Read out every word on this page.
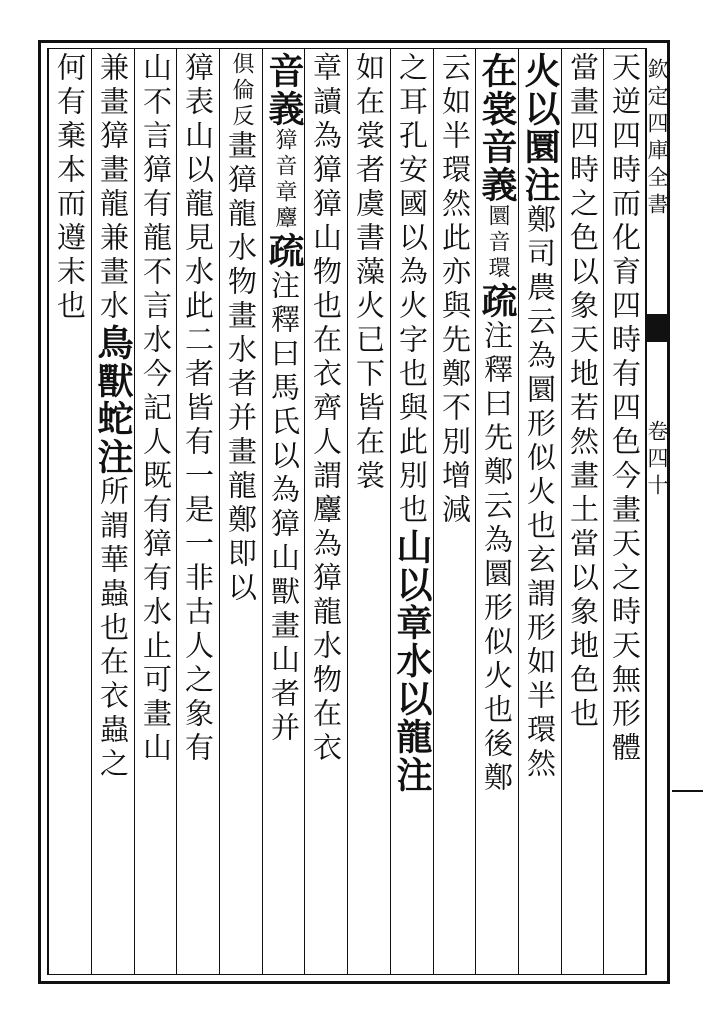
欽定四庫全書
卷四十
天逆四時而化育四時有四色今畫天之時天無形體
當畫四時之色以象天地若然畫土當以象地色也
火以圜注鄭司農云為圜形似火也玄謂形如半環然
在裳音義圜音環疏注釋曰先鄭云為圜形似火也後鄭
云如半環然此亦與先鄭不別增減
之耳孔安國以為火字也與此別也山以章水以龍注
如在裳者虞書藻火已下皆在裳
章讀為獐獐山物也在衣齊人謂麞為獐龍水物在衣
音義獐音章麞疏注釋曰馬氏以為獐山獸畫山者并
俱倫反畫獐龍水物畫水者并畫龍鄭即以
獐表山以龍見水此二者皆有一是一非古人之象有
山不言獐有龍不言水今記人既有獐有水止可畫山
兼畫獐畫龍兼畫水鳥獸蛇注所謂華蟲也在衣蟲之
何有棄本而遵末也
